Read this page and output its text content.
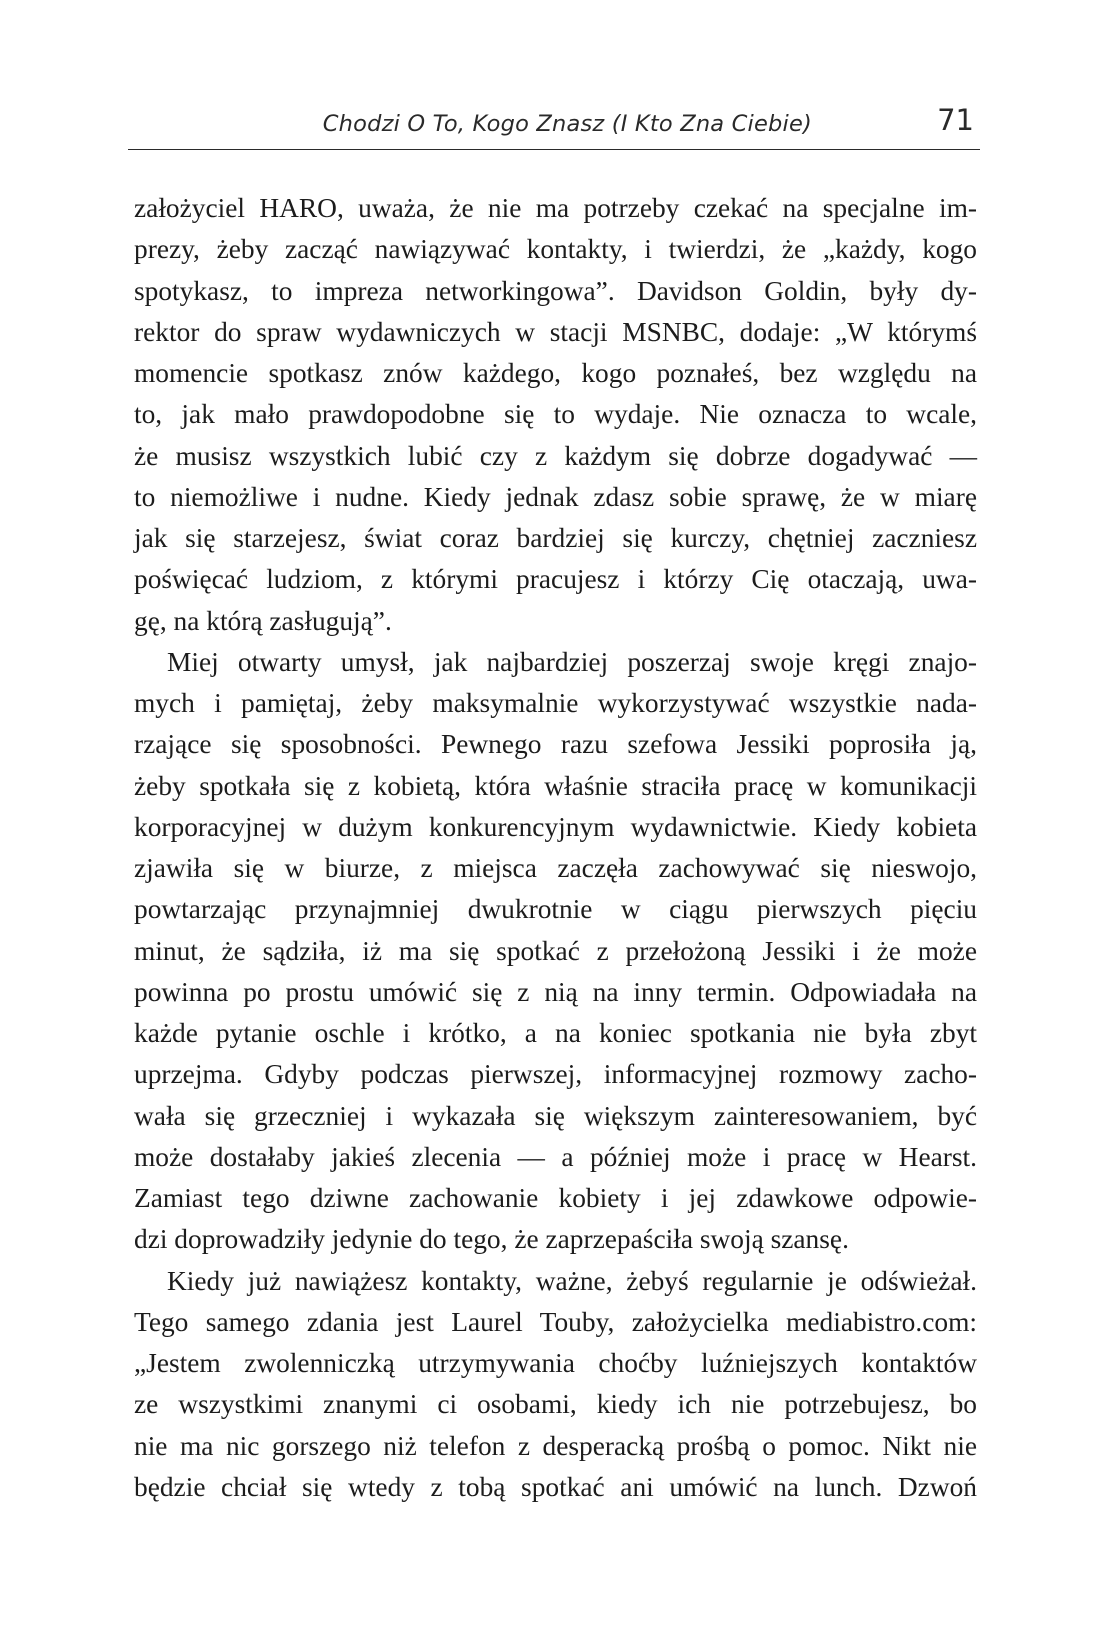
Chodzi O To, Kogo Znasz (I Kto Zna Ciebie)	71
założyciel HARO, uważa, że nie ma potrzeby czekać na specjalne im-
prezy, żeby zacząć nawiązywać kontakty, i twierdzi, że „każdy, kogo
spotykasz, to impreza networkingowa”. Davidson Goldin, były dy-
rektor do spraw wydawniczych w stacji MSNBC, dodaje: „W którymś
momencie spotkasz znów każdego, kogo poznałeś, bez względu na
to, jak mało prawdopodobne się to wydaje. Nie oznacza to wcale,
że musisz wszystkich lubić czy z każdym się dobrze dogadywać —
to niemożliwe i nudne. Kiedy jednak zdasz sobie sprawę, że w miarę
jak się starzejesz, świat coraz bardziej się kurczy, chętniej zaczniesz
poświęcać ludziom, z którymi pracujesz i którzy Cię otaczają, uwa-
gę, na którą zasługują”.
Miej otwarty umysł, jak najbardziej poszerzaj swoje kręgi znajo-
mych i pamiętaj, żeby maksymalnie wykorzystywać wszystkie nada-
rzające się sposobności. Pewnego razu szefowa Jessiki poprosiła ją,
żeby spotkała się z kobietą, która właśnie straciła pracę w komunikacji
korporacyjnej w dużym konkurencyjnym wydawnictwie. Kiedy kobieta
zjawiła się w biurze, z miejsca zaczęła zachowywać się nieswojo,
powtarzając przynajmniej dwukrotnie w ciągu pierwszych pięciu
minut, że sądziła, iż ma się spotkać z przełożoną Jessiki i że może
powinna po prostu umówić się z nią na inny termin. Odpowiadała na
każde pytanie oschle i krótko, a na koniec spotkania nie była zbyt
uprzejma. Gdyby podczas pierwszej, informacyjnej rozmowy zacho-
wała się grzeczniej i wykazała się większym zainteresowaniem, być
może dostałaby jakieś zlecenia — a później może i pracę w Hearst.
Zamiast tego dziwne zachowanie kobiety i jej zdawkowe odpowie-
dzi doprowadziły jedynie do tego, że zaprzepaściła swoją szansę.
Kiedy już nawiążesz kontakty, ważne, żebyś regularnie je odświeżał.
Tego samego zdania jest Laurel Touby, założycielka mediabistro.com:
„Jestem zwolenniczką utrzymywania choćby luźniejszych kontaktów
ze wszystkimi znanymi ci osobami, kiedy ich nie potrzebujesz, bo
nie ma nic gorszego niż telefon z desperacką prośbą o pomoc. Nikt nie
będzie chciał się wtedy z tobą spotkać ani umówić na lunch. Dzwoń
